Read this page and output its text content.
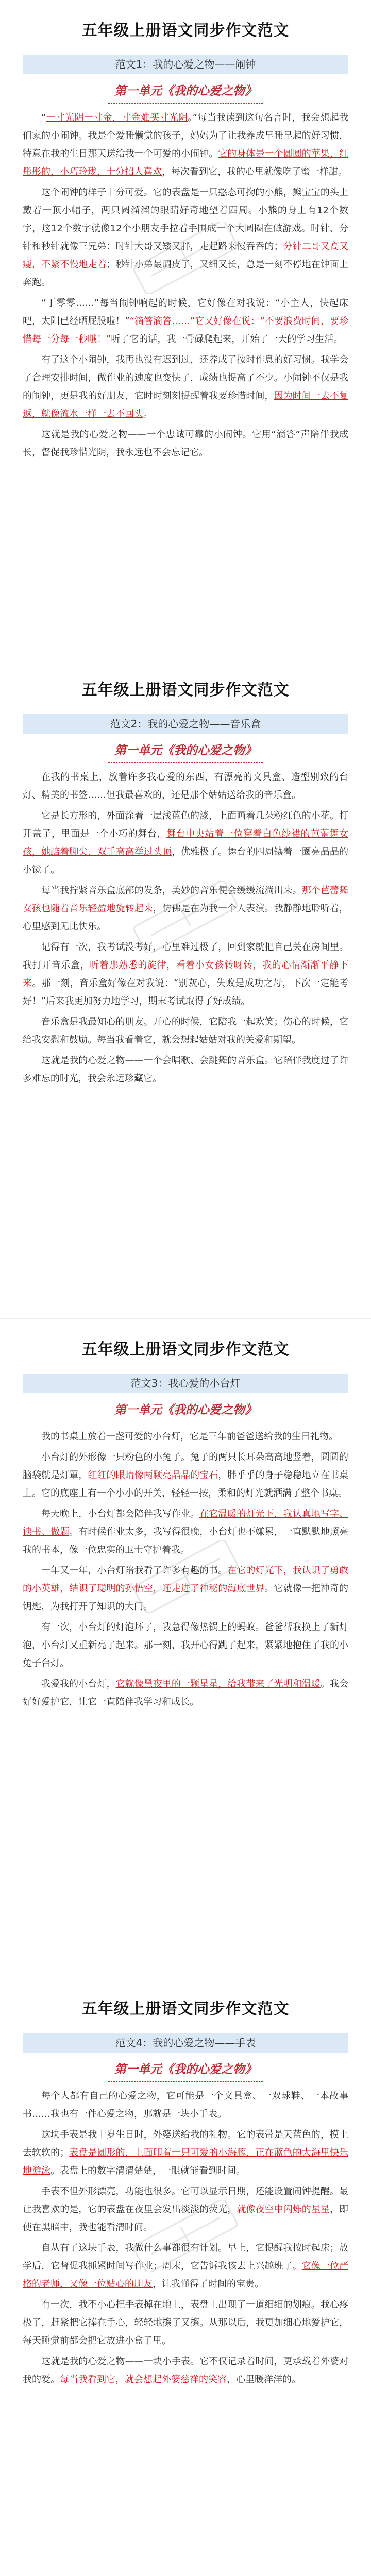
五年级上册语文同步作文范文
范文1：我的心爱之物——闹钟
第一单元《我的心爱之物》

“一寸光阴一寸金，寸金难买寸光阴。”每当我读到这句名言时，我会想起我们家的小闹钟。我是个爱睡懒觉的孩子，妈妈为了让我养成早睡早起的好习惯，特意在我的生日那天送给我一个可爱的小闹钟。它的身体是一个圆圆的苹果，红彤彤的，小巧玲珑，十分招人喜欢，每次看到它，我的心里就像吃了蜜一样甜。

这个闹钟的样子十分可爱。它的表盘是一只憨态可掬的小熊，熊宝宝的头上戴着一顶小帽子，两只圆溜溜的眼睛好奇地望着四周。小熊的身上有12个数字，这12个数字就像12个小朋友手拉着手围成一个大圆圈在做游戏。时针、分针和秒针就像三兄弟：时针大哥又矮又胖，走起路来慢吞吞的；分针二哥又高又瘦，不紧不慢地走着；秒针小弟最调皮了，又细又长，总是一刻不停地在钟面上奔跑。

“丁零零……”每当闹钟响起的时候，它好像在对我说：“小主人，快起床吧，太阳已经晒屁股啦！”“滴答滴答……”它又好像在说：“不要浪费时间，要珍惜每一分每一秒哦！”听了它的话，我一骨碌爬起来，开始了一天的学习生活。

有了这个小闹钟，我再也没有迟到过，还养成了按时作息的好习惯。我学会了合理安排时间，做作业的速度也变快了，成绩也提高了不少。小闹钟不仅是我的闹钟，更是我的好朋友，它时时刻刻提醒着我要珍惜时间，因为时间一去不复返，就像流水一样一去不回头。

这就是我的心爱之物——一个忠诚可靠的小闹钟。它用“滴答”声陪伴我成长，督促我珍惜光阴，我永远也不会忘记它。

五年级上册语文同步作文范文
范文2：我的心爱之物——音乐盒
第一单元《我的心爱之物》

在我的书桌上，放着许多我心爱的东西，有漂亮的文具盒、造型别致的台灯、精美的书签……但我最喜欢的，还是那个姑姑送给我的音乐盒。

它是长方形的，外面涂着一层浅蓝色的漆，上面画着几朵粉红色的小花。打开盖子，里面是一个小巧的舞台，舞台中央站着一位穿着白色纱裙的芭蕾舞女孩，她踮着脚尖，双手高高举过头顶，优雅极了。舞台的四周镶着一圈亮晶晶的小镜子。

每当我拧紧音乐盒底部的发条，美妙的音乐便会缓缓流淌出来。那个芭蕾舞女孩也随着音乐轻盈地旋转起来，仿佛是在为我一个人表演。我静静地聆听着，心里感到无比快乐。

记得有一次，我考试没考好，心里难过极了，回到家就把自己关在房间里。我打开音乐盒，听着那熟悉的旋律，看着小女孩转呀转，我的心情渐渐平静下来。那一刻，音乐盒好像在对我说：“别灰心，失败是成功之母，下次一定能考好！”后来我更加努力地学习，期末考试取得了好成绩。

音乐盒是我最知心的朋友。开心的时候，它陪我一起欢笑；伤心的时候，它给我安慰和鼓励。每当我看着它，就会想起姑姑对我的关爱和期望。

这就是我的心爱之物——一个会唱歌、会跳舞的音乐盒。它陪伴我度过了许多难忘的时光，我会永远珍藏它。

五年级上册语文同步作文范文
范文3：我心爱的小台灯
第一单元《我的心爱之物》

我的书桌上放着一盏可爱的小台灯，它是三年前爸爸送给我的生日礼物。

小台灯的外形像一只粉色的小兔子。兔子的两只长耳朵高高地竖着，圆圆的脑袋就是灯罩，红红的眼睛像两颗亮晶晶的宝石，胖乎乎的身子稳稳地立在书桌上。它的底座上有一个小小的开关，轻轻一按，柔和的灯光就洒满了整个书桌。

每天晚上，小台灯都会陪伴我写作业。在它温暖的灯光下，我认真地写字、读书、做题。有时候作业太多，我写得很晚，小台灯也不嫌累，一直默默地照亮我的书本，像一位忠实的卫士守护着我。

一年又一年，小台灯陪我看了许多有趣的书。在它的灯光下，我认识了勇敢的小英雄，结识了聪明的孙悟空，还走进了神秘的海底世界。它就像一把神奇的钥匙，为我打开了知识的大门。

有一次，小台灯的灯泡坏了，我急得像热锅上的蚂蚁。爸爸帮我换上了新灯泡，小台灯又重新亮了起来。那一刻，我开心得跳了起来，紧紧地抱住了我的小兔子台灯。

我爱我的小台灯，它就像黑夜里的一颗星星，给我带来了光明和温暖。我会好好爱护它，让它一直陪伴我学习和成长。

五年级上册语文同步作文范文
范文4：我的心爱之物——手表
第一单元《我的心爱之物》

每个人都有自己的心爱之物，它可能是一个文具盒、一双球鞋、一本故事书……我也有一件心爱之物，那就是一块小手表。

这块手表是我十岁生日时，外婆送给我的礼物。它的表带是天蓝色的，摸上去软软的；表盘是圆形的，上面印着一只可爱的小海豚，正在蓝色的大海里快乐地游泳。表盘上的数字清清楚楚，一眼就能看到时间。

手表不但外形漂亮，功能也很多。它可以显示日期，还能设置闹钟提醒。最让我喜欢的是，它的表盘在夜里会发出淡淡的荧光，就像夜空中闪烁的星星，即使在黑暗中，我也能看清时间。

自从有了这块手表，我做什么事都很有计划。早上，它提醒我按时起床；放学后，它督促我抓紧时间写作业；周末，它告诉我该去上兴趣班了。它像一位严格的老师，又像一位贴心的朋友，让我懂得了时间的宝贵。

有一次，我不小心把手表掉在地上，表盘上出现了一道细细的划痕。我心疼极了，赶紧把它捧在手心，轻轻地擦了又擦。从那以后，我更加细心地爱护它，每天睡觉前都会把它放进小盒子里。

这就是我的心爱之物——一块小手表。它不仅记录着时间，更承载着外婆对我的爱。每当我看到它，就会想起外婆慈祥的笑容，心里暖洋洋的。
